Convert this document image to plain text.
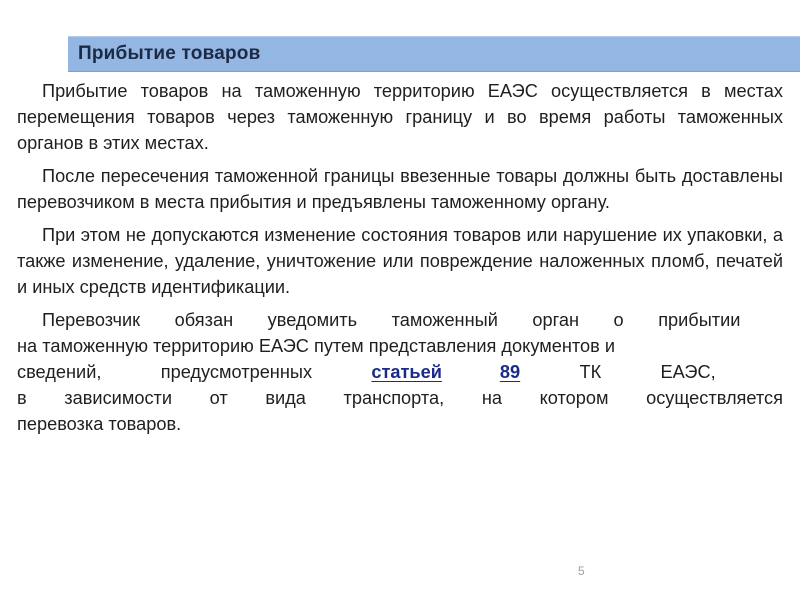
Прибытие товаров

Прибытие товаров на таможенную территорию ЕАЭС осуществляется в местах перемещения товаров через таможенную границу и во время работы таможенных органов в этих местах.

После пересечения таможенной границы ввезенные товары должны быть доставлены перевозчиком в места прибытия и предъявлены таможенному органу.

При этом не допускаются изменение состояния товаров или нарушение их упаковки, а также изменение, удаление, уничтожение или повреждение наложенных пломб, печатей и иных средств идентификации.

Перевозчик обязан уведомить таможенный орган о прибытии
на таможенную территорию ЕАЭС путем представления документов и
сведений,	предусмотренных	статьей	89	ТК	ЕАЭС,
в зависимости от вида транспорта, на котором осуществляется
перевозка товаров.
5
